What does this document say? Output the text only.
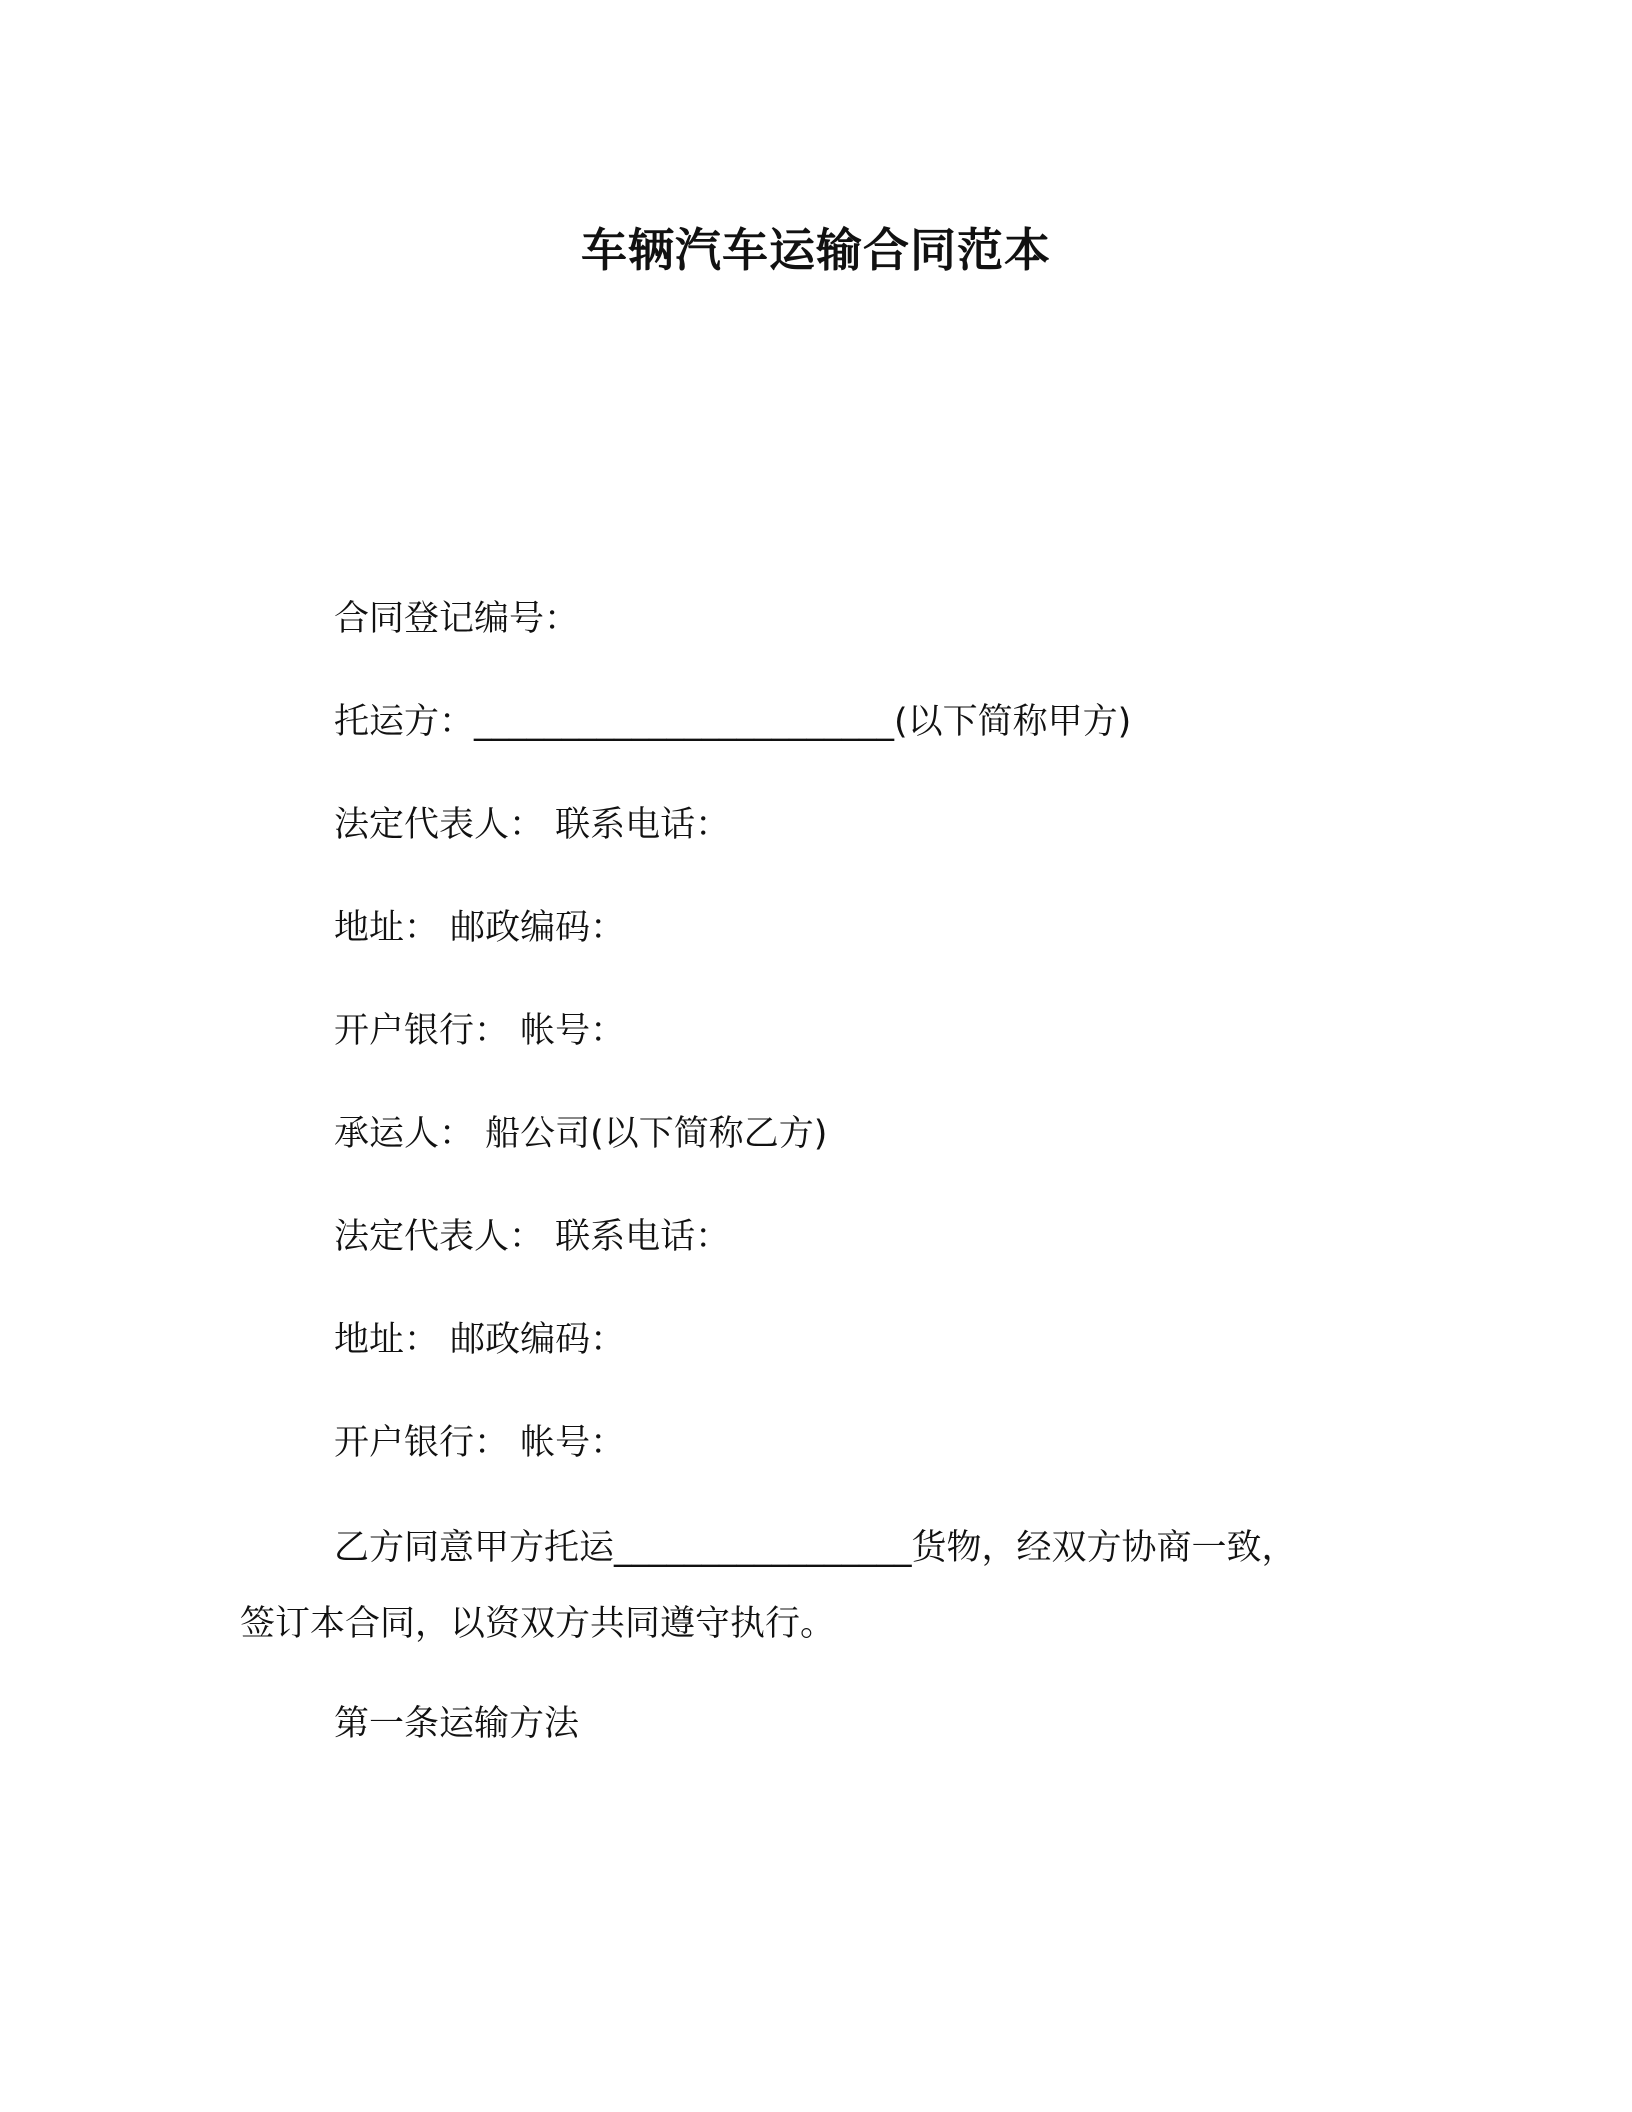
车辆汽车运输合同范本
合同登记编号：
托运方：________________________(以下简称甲方)
法定代表人： 联系电话：
地址： 邮政编码：
开户银行： 帐号：
承运人： 船公司(以下简称乙方)
法定代表人： 联系电话：
地址： 邮政编码：
开户银行： 帐号：
乙方同意甲方托运_________________货物，经双方协商一致，
签订本合同，以资双方共同遵守执行。
第一条运输方法
